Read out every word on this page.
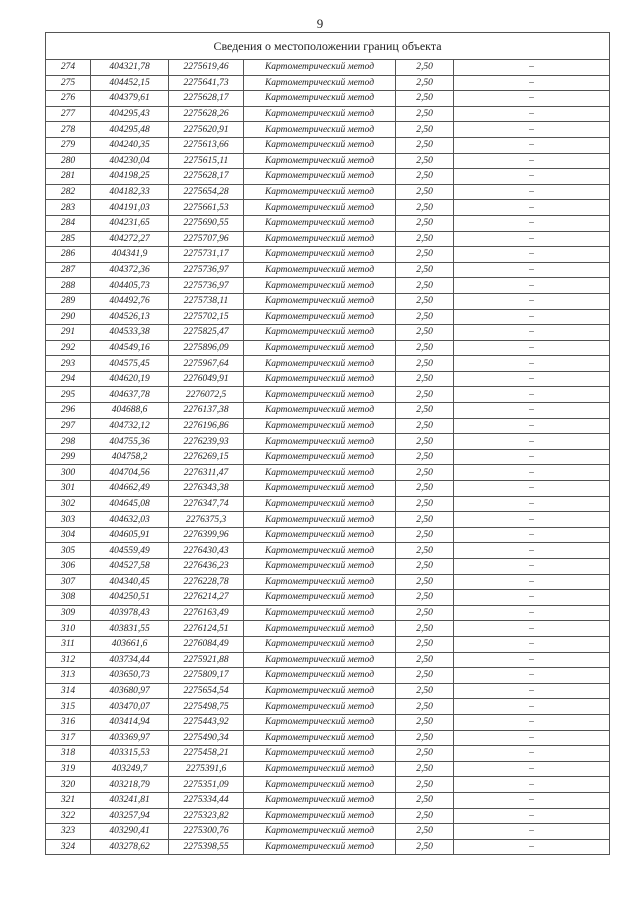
9
Сведения о местоположении границ объекта					
274	404321,78	2275619,46	Картометрический метод	2,50	–
275	404452,15	2275641,73	Картометрический метод	2,50	–
276	404379,61	2275628,17	Картометрический метод	2,50	–
277	404295,43	2275628,26	Картометрический метод	2,50	–
278	404295,48	2275620,91	Картометрический метод	2,50	–
279	404240,35	2275613,66	Картометрический метод	2,50	–
280	404230,04	2275615,11	Картометрический метод	2,50	–
281	404198,25	2275628,17	Картометрический метод	2,50	–
282	404182,33	2275654,28	Картометрический метод	2,50	–
283	404191,03	2275661,53	Картометрический метод	2,50	–
284	404231,65	2275690,55	Картометрический метод	2,50	–
285	404272,27	2275707,96	Картометрический метод	2,50	–
286	404341,9	2275731,17	Картометрический метод	2,50	–
287	404372,36	2275736,97	Картометрический метод	2,50	–
288	404405,73	2275736,97	Картометрический метод	2,50	–
289	404492,76	2275738,11	Картометрический метод	2,50	–
290	404526,13	2275702,15	Картометрический метод	2,50	–
291	404533,38	2275825,47	Картометрический метод	2,50	–
292	404549,16	2275896,09	Картометрический метод	2,50	–
293	404575,45	2275967,64	Картометрический метод	2,50	–
294	404620,19	2276049,91	Картометрический метод	2,50	–
295	404637,78	2276072,5	Картометрический метод	2,50	–
296	404688,6	2276137,38	Картометрический метод	2,50	–
297	404732,12	2276196,86	Картометрический метод	2,50	–
298	404755,36	2276239,93	Картометрический метод	2,50	–
299	404758,2	2276269,15	Картометрический метод	2,50	–
300	404704,56	2276311,47	Картометрический метод	2,50	–
301	404662,49	2276343,38	Картометрический метод	2,50	–
302	404645,08	2276347,74	Картометрический метод	2,50	–
303	404632,03	2276375,3	Картометрический метод	2,50	–
304	404605,91	2276399,96	Картометрический метод	2,50	–
305	404559,49	2276430,43	Картометрический метод	2,50	–
306	404527,58	2276436,23	Картометрический метод	2,50	–
307	404340,45	2276228,78	Картометрический метод	2,50	–
308	404250,51	2276214,27	Картометрический метод	2,50	–
309	403978,43	2276163,49	Картометрический метод	2,50	–
310	403831,55	2276124,51	Картометрический метод	2,50	–
311	403661,6	2276084,49	Картометрический метод	2,50	–
312	403734,44	2275921,88	Картометрический метод	2,50	–
313	403650,73	2275809,17	Картометрический метод	2,50	–
314	403680,97	2275654,54	Картометрический метод	2,50	–
315	403470,07	2275498,75	Картометрический метод	2,50	–
316	403414,94	2275443,92	Картометрический метод	2,50	–
317	403369,97	2275490,34	Картометрический метод	2,50	–
318	403315,53	2275458,21	Картометрический метод	2,50	–
319	403249,7	2275391,6	Картометрический метод	2,50	–
320	403218,79	2275351,09	Картометрический метод	2,50	–
321	403241,81	2275334,44	Картометрический метод	2,50	–
322	403257,94	2275323,82	Картометрический метод	2,50	–
323	403290,41	2275300,76	Картометрический метод	2,50	–
324	403278,62	2275398,55	Картометрический метод	2,50	–
